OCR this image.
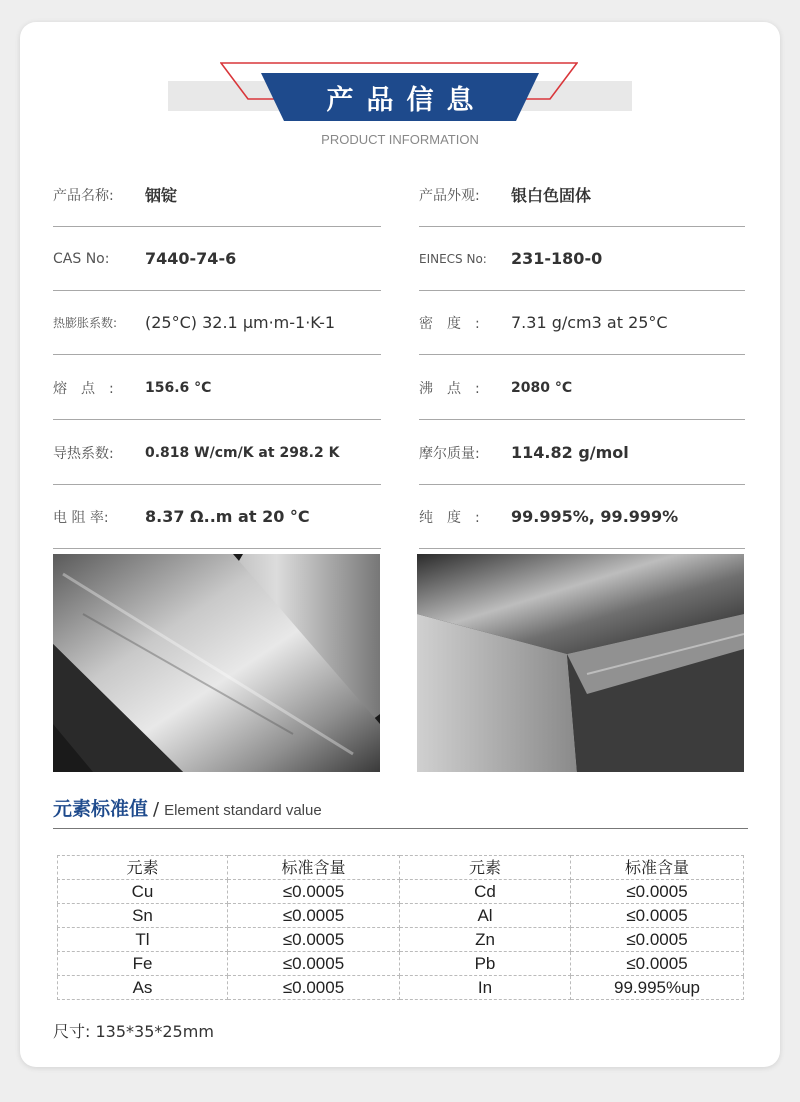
产品信息
PRODUCT INFORMATION
产品名称:	铟锭	产品外观:	银白色固体
CAS No:	7440-74-6	EINECS No:	231-180-0
热膨胀系数:	(25°C) 32.1 µm·m-1·K-1	密　度　:	7.31 g/cm3 at 25°C
熔　点　:	156.6 °C	沸　点　:	2080 °C
导热系数:	0.818 W/cm/K at 298.2 K	摩尔质量:	114.82 g/mol
电 阻 率:	8.37 Ω..m at 20 °C	纯　度　:	99.995%, 99.999%
元素标准值 / Element standard value
元素	标准含量	元素	标准含量
Cu	≤0.0005	Cd	≤0.0005
Sn	≤0.0005	Al	≤0.0005
Tl	≤0.0005	Zn	≤0.0005
Fe	≤0.0005	Pb	≤0.0005
As	≤0.0005	In	99.995%up
尺寸: 135*35*25mm
